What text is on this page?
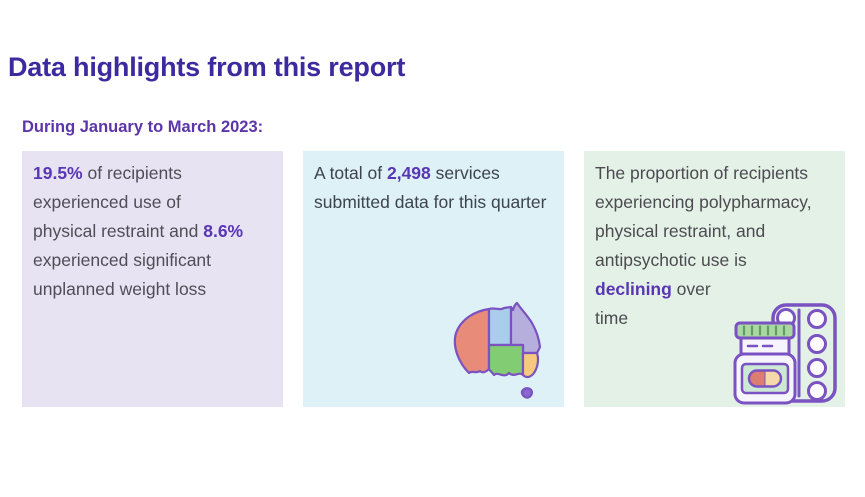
Data highlights from this report
During January to March 2023:

19.5% of recipients experienced use of physical restraint and 8.6% experienced significant unplanned weight loss

A total of 2,498 services submitted data for this quarter

The proportion of recipients experiencing polypharmacy, physical restraint, and antipsychotic use is declining over time
